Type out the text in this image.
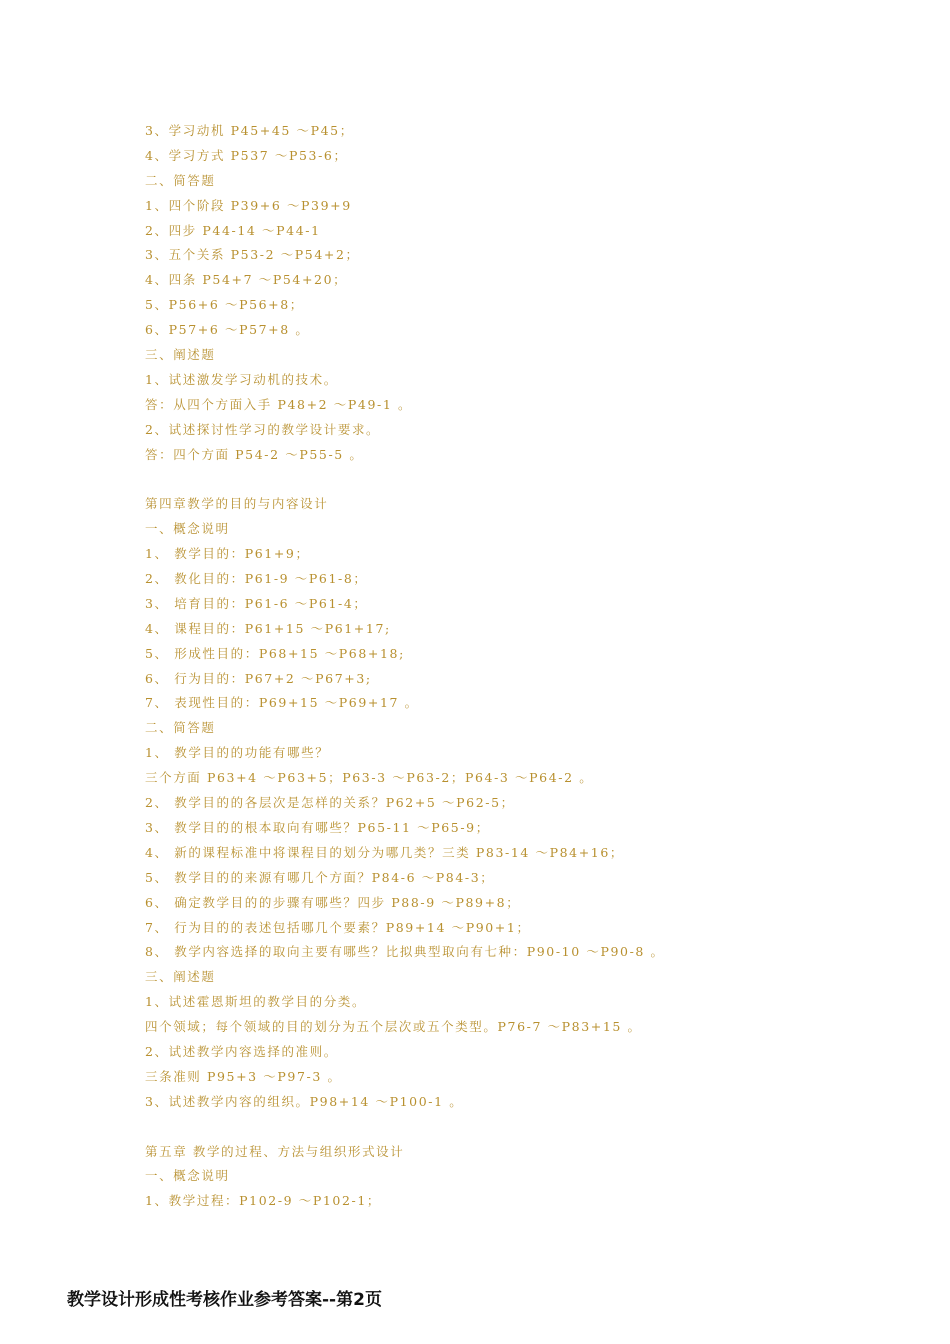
3、学习动机 P45+45 ～P45；
4、学习方式 P537 ～P53-6；
二、简答题
1、四个阶段 P39+6 ～P39+9
2、四步 P44-14 ～P44-1
3、五个关系 P53-2 ～P54+2；
4、四条 P54+7 ～P54+20；
5、P56+6 ～P56+8；
6、P57+6 ～P57+8 。
三、阐述题
1、试述激发学习动机的技术。
答：从四个方面入手 P48+2 ～P49-1 。
2、试述探讨性学习的教学设计要求。
答：四个方面 P54-2 ～P55-5 。
第四章教学的目的与内容设计
一、概念说明
1、 教学目的：P61+9；
2、 教化目的：P61-9 ～P61-8；
3、 培育目的：P61-6 ～P61-4；
4、 课程目的：P61+15 ～P61+17;
5、 形成性目的：P68+15 ～P68+18;
6、 行为目的：P67+2 ～P67+3;
7、 表现性目的：P69+15 ～P69+17 。
二、简答题
1、 教学目的的功能有哪些？
三个方面 P63+4 ～P63+5；P63-3 ～P63-2；P64-3 ～P64-2 。
2、 教学目的的各层次是怎样的关系？P62+5 ～P62-5；
3、 教学目的的根本取向有哪些？P65-11 ～P65-9；
4、 新的课程标准中将课程目的划分为哪几类？三类 P83-14 ～P84+16；
5、 教学目的的来源有哪几个方面？P84-6 ～P84-3；
6、 确定教学目的的步骤有哪些？四步 P88-9 ～P89+8；
7、 行为目的的表述包括哪几个要素？P89+14 ～P90+1；
8、 教学内容选择的取向主要有哪些？比拟典型取向有七种：P90-10 ～P90-8 。
三、阐述题
1、试述霍恩斯坦的教学目的分类。
四个领域；每个领域的目的划分为五个层次或五个类型。P76-7 ～P83+15 。
2、试述教学内容选择的准则。
三条准则 P95+3 ～P97-3 。
3、试述教学内容的组织。P98+14 ～P100-1 。
第五章 教学的过程、方法与组织形式设计
一、概念说明
1、教学过程：P102-9 ～P102-1；
教学设计形成性考核作业参考答案--第2页
